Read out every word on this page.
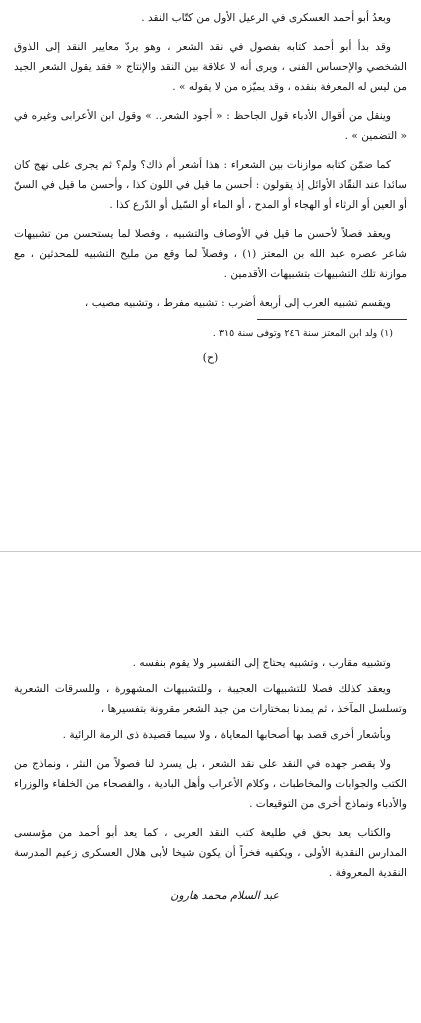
وبعدُ أبو أحمد العسكرى في الرعيل الأول من كتّاب النقد .

وقد بدأ أبو أحمد كتابه بفصول في نقد الشعر ، وهو يردّ معايير النقد إلى الذوق الشخصي والإحساس الفنى ، ويرى أنه لا علاقة بين النقد والإنتاج « فقد يقول الشعر الجيد من ليس له المعرفة بنقده ، وقد يميّزه من لا يقوله » .

وينقل من أقوال الأدباء قول الجاحظ : « أجود الشعر.. » وقول ابن الأعرابى وغيره في « التضمين » .

كما ضمّن كتابه موازنات بين الشعراء : هذا أشعر أم ذاك؟ ولم؟ ثم يجرى على نهج كان سائدا عند النقّاد الأوائل إذ يقولون : أحسن ما قيل في اللون كذا ، وأحسن ما قيل في السنّ أو العين أو الرثاء أو الهجاء أو المدح ، أو الماء أو السّيل أو الدّرع كذا .

ويعقد فصلاً لأحسن ما قيل في الأوصاف والتشبيه ، وفصلا لما يستحسن من تشبيهات شاعر عصره عبد الله بن المعتز (١) ، وفصلاً لما وقع من مليح التشبيه للمحدثين ، مع موازنة تلك التشبيهات بتشبيهات الأقدمين .

ويقسم تشبيه العرب إلى أربعة أضرب : تشبيه مفرط ، وتشبيه مصيب ،

(١) ولد ابن المعتز سنة ٢٤٦ وتوفى سنة ٣١٥ .

(ح)

وتشبيه مقارب ، وتشبيه يحتاج إلى التفسير ولا يقوم بنفسه .

ويعقد كذلك فصلا للتشبيهات العجيبة ، وللتشبيهات المشهورة ، وللسرقات الشعرية وتسلسل المآخذ ، ثم يمدنا بمختارات من جيد الشعر مقرونة بتفسيرها ،

وبأشعار أخرى قصد بها أصحابها المعاياة ، ولا سيما قصيدة ذى الرمة الرائية .

ولا يقصر جهده في النقد على نقد الشعر ، بل يسرد لنا فصولاً من النثر ، ونماذج من الكتب والجوابات والمخاطبات ، وكلام الأعراب وأهل البادية ، والفصحاء من الخلفاء والوزراء والأدباء ونماذج أخرى من التوقيعات .

والكتاب يعد بحق في طليعة كتب النقد العربى ، كما يعد أبو أحمد من مؤسسى المدارس النقدية الأولى ، ويكفيه فخراً أن يكون شيخا لأبى هلال العسكرى زعيم المدرسة النقدية المعروفة .

عبد السلام محمد هارون
